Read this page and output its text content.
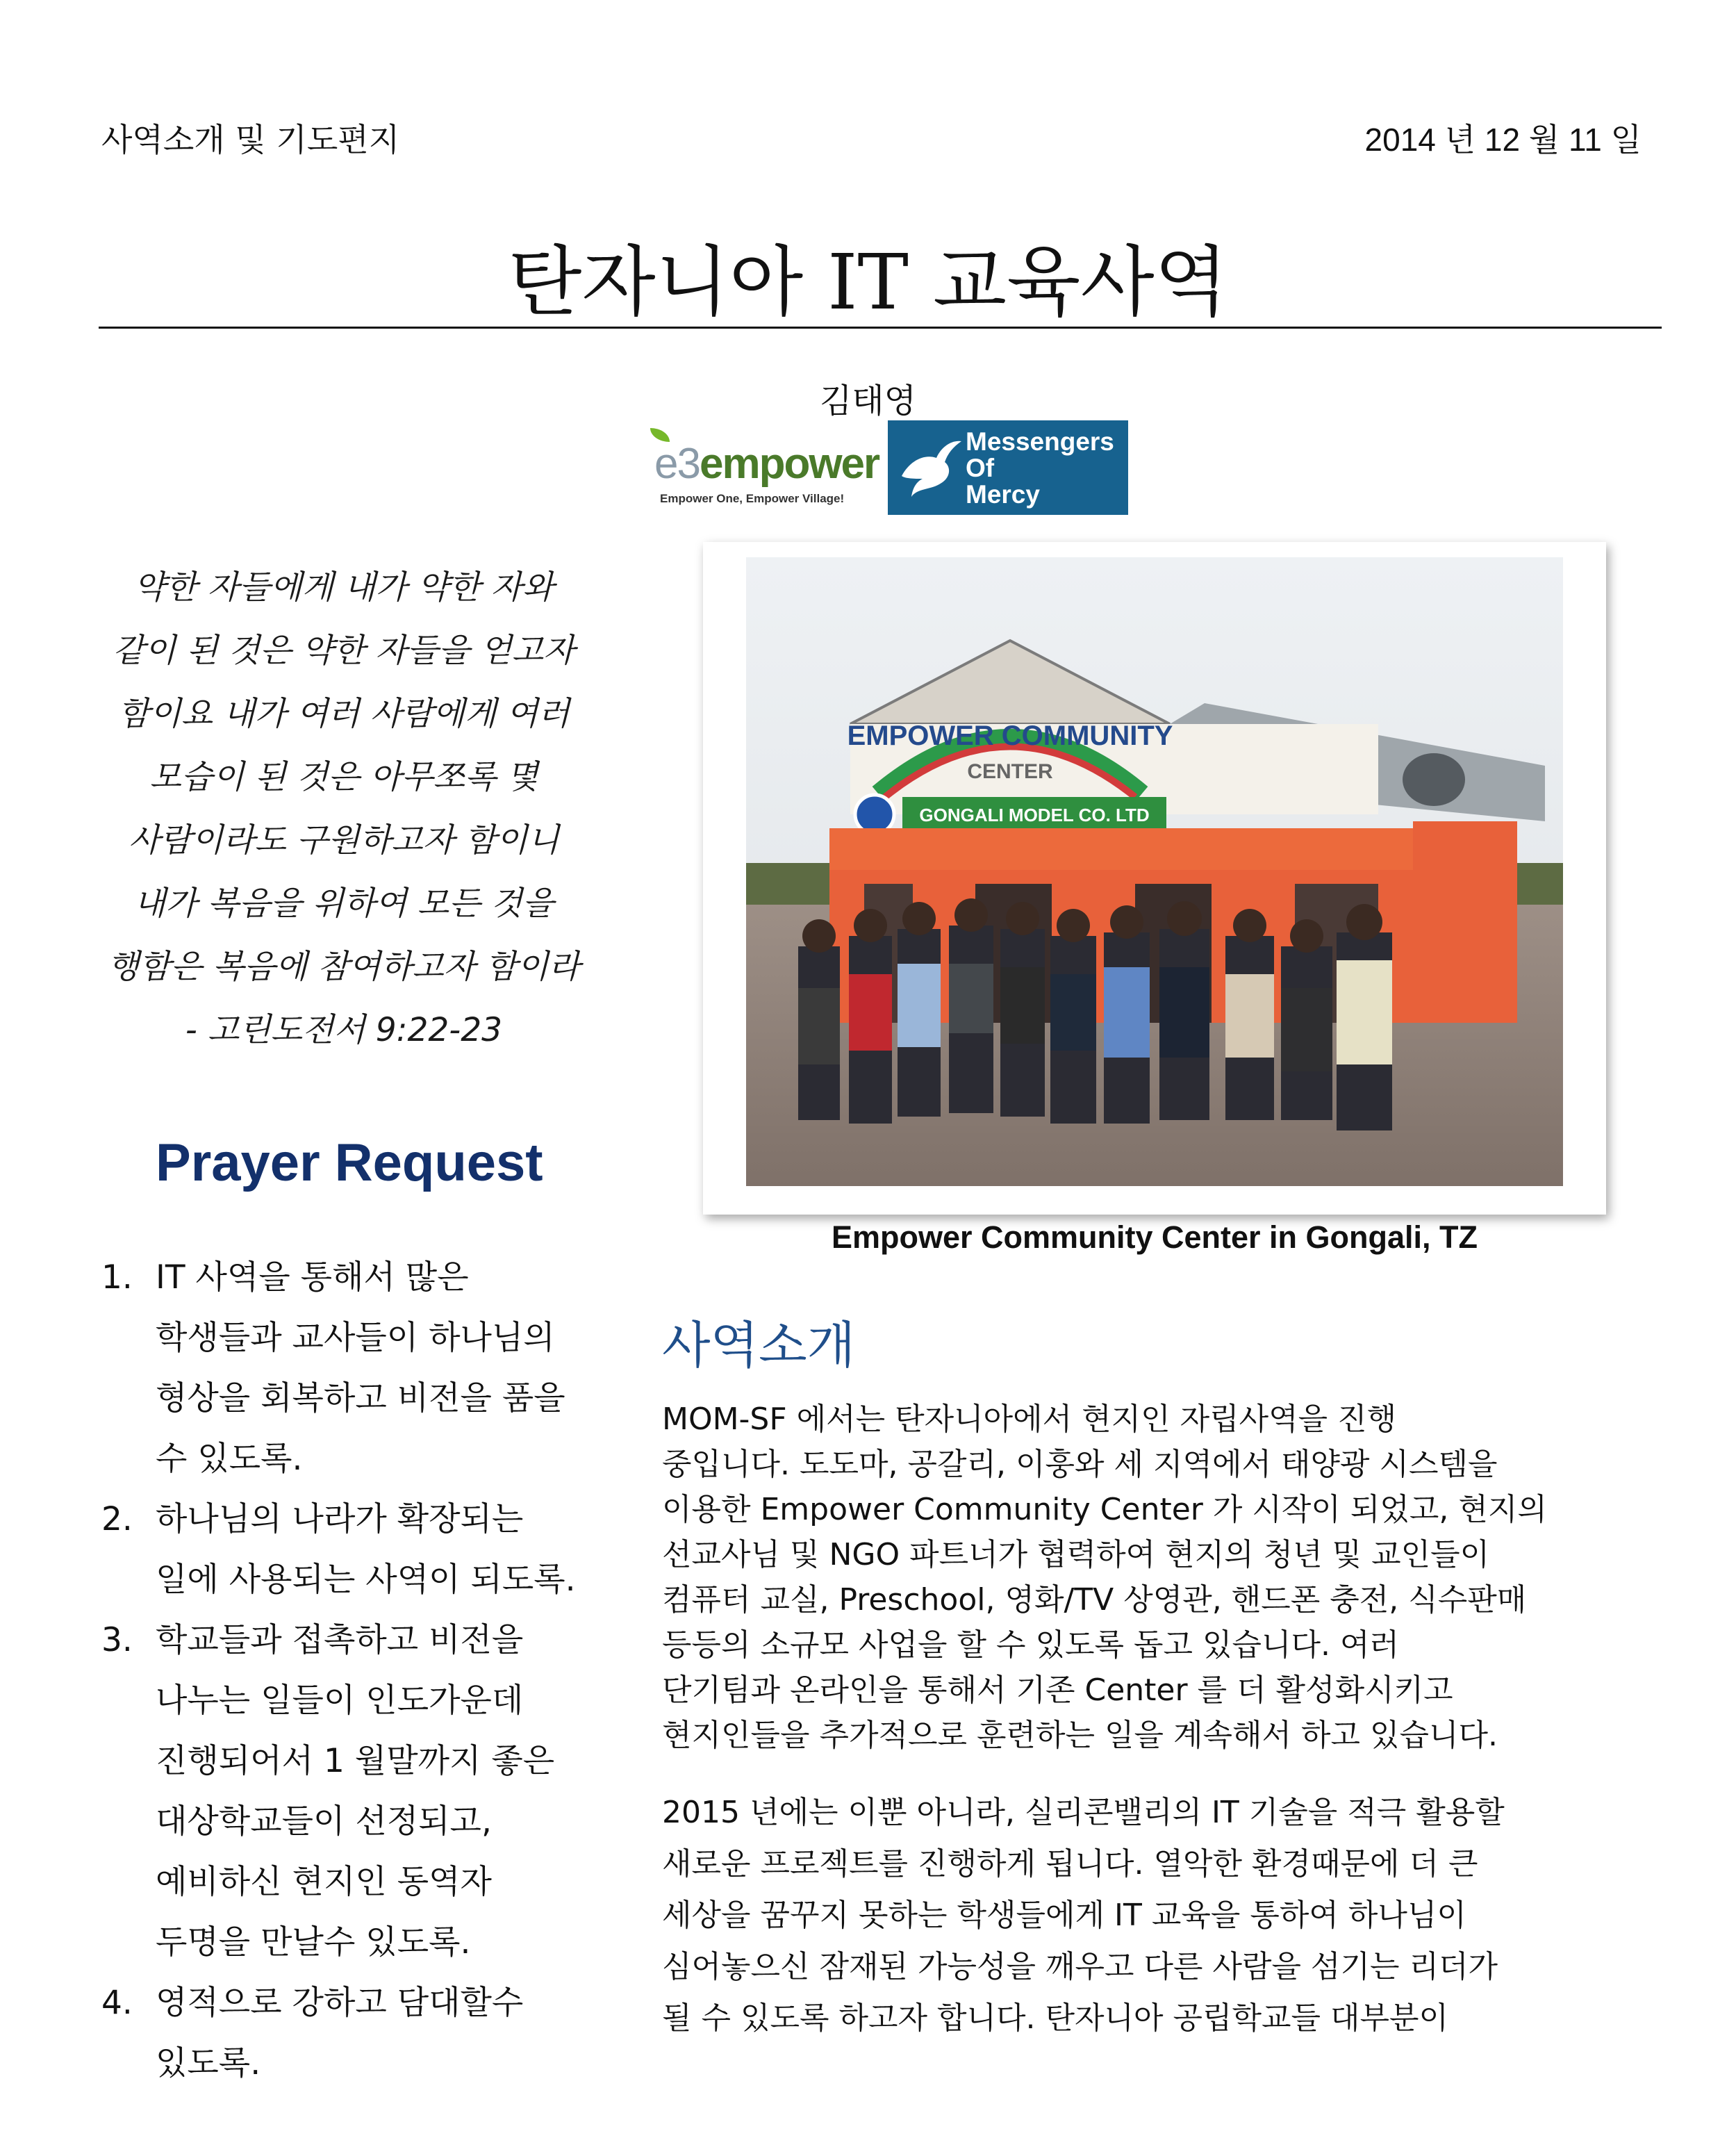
사역소개 및 기도편지	2014 년 12 월 11 일
탄자니아 IT 교육사역
김태영
e3empower
Empower One, Empower Village!
Messengers
Of
Mercy
약한 자들에게 내가 약한 자와
같이 된 것은 약한 자들을 얻고자
함이요 내가 여러 사람에게 여러
모습이 된 것은 아무쪼록 몇
사람이라도 구원하고자 함이니
내가 복음을 위하여 모든 것을
행함은 복음에 참여하고자 함이라
- 고린도전서 9:22-23
EMPOWER COMMUNITY
CENTER
GONGALI MODEL CO. LTD
Empower Community Center in Gongali, TZ
Prayer Request
1. IT 사역을 통해서 많은
학생들과 교사들이 하나님의
형상을 회복하고 비전을 품을
수 있도록.
2. 하나님의 나라가 확장되는
일에 사용되는 사역이 되도록.
3. 학교들과 접촉하고 비전을
나누는 일들이 인도가운데
진행되어서 1 월말까지 좋은
대상학교들이 선정되고,
예비하신 현지인 동역자
두명을 만날수 있도록.
4. 영적으로 강하고 담대할수
있도록.
사역소개
MOM-SF 에서는 탄자니아에서 현지인 자립사역을 진행
중입니다. 도도마, 공갈리, 이훙와 세 지역에서 태양광 시스템을
이용한 Empower Community Center 가 시작이 되었고, 현지의
선교사님 및 NGO 파트너가 협력하여 현지의 청년 및 교인들이
컴퓨터 교실, Preschool, 영화/TV 상영관, 핸드폰 충전, 식수판매
등등의 소규모 사업을 할 수 있도록 돕고 있습니다. 여러
단기팀과 온라인을 통해서 기존 Center 를 더 활성화시키고
현지인들을 추가적으로 훈련하는 일을 계속해서 하고 있습니다.
2015 년에는 이뿐 아니라, 실리콘밸리의 IT 기술을 적극 활용할
새로운 프로젝트를 진행하게 됩니다. 열악한 환경때문에 더 큰
세상을 꿈꾸지 못하는 학생들에게 IT 교육을 통하여 하나님이
심어놓으신 잠재된 가능성을 깨우고 다른 사람을 섬기는 리더가
될 수 있도록 하고자 합니다. 탄자니아 공립학교들 대부분이
